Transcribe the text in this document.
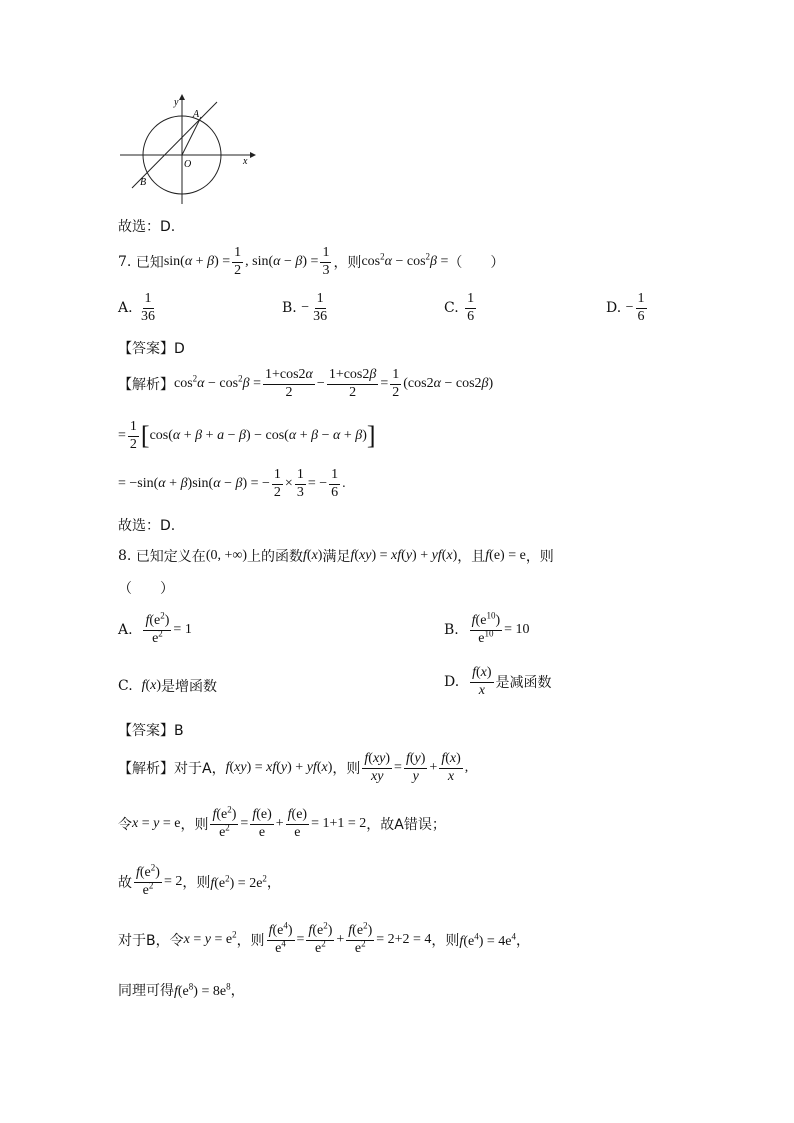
y
x
O
A
B
故选：D.
7.
已知 $\sin(\alpha + \beta) = \frac{1}{2}$ , $\sin(\alpha - \beta) = \frac{1}{3}$ ，则 $\cos^2\alpha - \cos^2\beta$ = （　　）
A.
$\frac{1}{36}$	B.
− $\frac{1}{36}$	C.
$\frac{1}{6}$	D.
− $\frac{1}{6}$
【答案】D
【解析】 $\cos^2\alpha - \cos^2\beta = \frac{1+\cos 2\alpha}{2} - \frac{1+\cos 2\beta}{2} = \frac{1}{2} (\cos 2\alpha - \cos 2\beta)$
= $\frac{1}{2}$ [ cos(α + β + a − β) − cos(α + β − α + β) ]
= −sin(α + β)sin(α − β) = − $\frac{1}{2} \times \frac{1}{3}$ = − $\frac{1}{6}$ .
故选：D.
8.
已知定义在 (0, +∞) 上的函数 f(x) 满足 f(xy) = xf(y) + yf(x) ，且 f(e) = e ，则
（　　）
A.
$\frac{f(e^2)}{e^2} = 1$	B.
$\frac{f(e^{10})}{e^{10}} = 10$
C.
f(x) 是增函数	D.
$\frac{f(x)}{x}$ 是减函数
【答案】B
【解析】 对于A， f(xy) = xf(y) + yf(x) ，则 $\frac{f(xy)}{xy} = \frac{f(y)}{y} + \frac{f(x)}{x}$ ,
令 x = y = e ，则 $\frac{f(e^2)}{e^2} = \frac{f(e)}{e} + \frac{f(e)}{e} = 1+1 = 2$ ，故A错误；
故 $\frac{f(e^2)}{e^2} = 2$ ，则 $f(e^2) = 2e^2$，
对于B，令 $x = y = e^2$ ，则 $\frac{f(e^4)}{e^4} = \frac{f(e^2)}{e^2} + \frac{f(e^2)}{e^2} = 2+2 = 4$ ，则 $f(e^4) = 4e^4$，
同理可得 $f(e^8) = 8e^8$，
